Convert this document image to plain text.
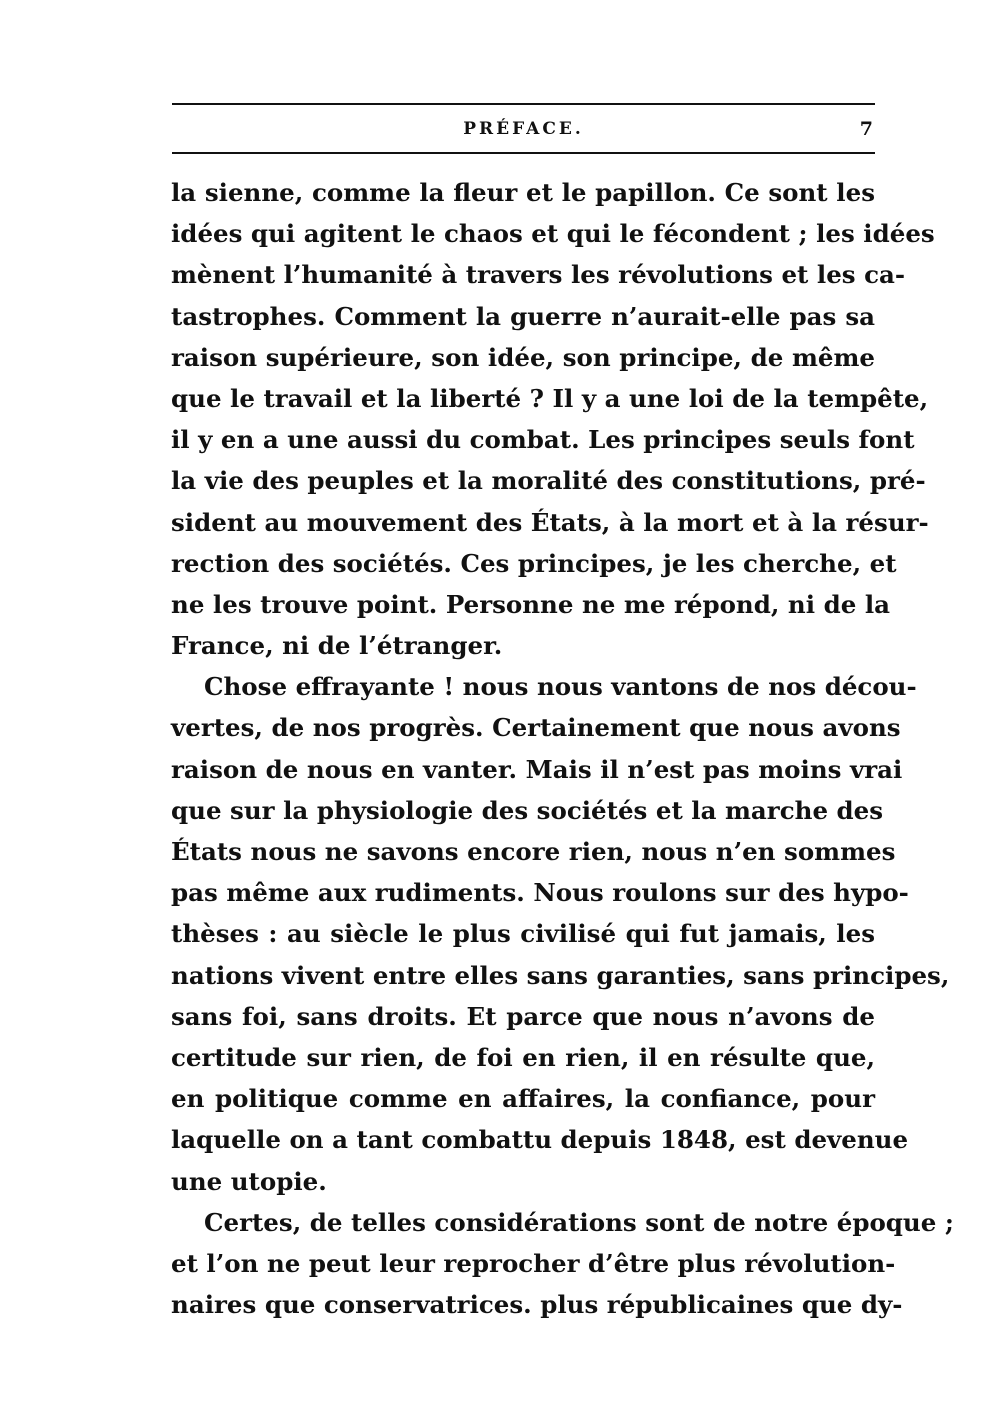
PRÉFACE.	7
la sienne, comme la fleur et le papillon. Ce sont les
idées qui agitent le chaos et qui le fécondent ; les idées
mènent l’humanité à travers les révolutions et les ca-
tastrophes. Comment la guerre n’aurait-elle pas sa
raison supérieure, son idée, son principe, de même
que le travail et la liberté ? Il y a une loi de la tempête,
il y en a une aussi du combat. Les principes seuls font
la vie des peuples et la moralité des constitutions, pré-
sident au mouvement des États, à la mort et à la résur-
rection des sociétés. Ces principes, je les cherche, et
ne les trouve point. Personne ne me répond, ni de la
France, ni de l’étranger.
Chose effrayante ! nous nous vantons de nos décou-
vertes, de nos progrès. Certainement que nous avons
raison de nous en vanter. Mais il n’est pas moins vrai
que sur la physiologie des sociétés et la marche des
États nous ne savons encore rien, nous n’en sommes
pas même aux rudiments. Nous roulons sur des hypo-
thèses : au siècle le plus civilisé qui fut jamais, les
nations vivent entre elles sans garanties, sans principes,
sans foi, sans droits. Et parce que nous n’avons de
certitude sur rien, de foi en rien, il en résulte que,
en politique comme en affaires, la confiance, pour
laquelle on a tant combattu depuis 1848, est devenue
une utopie.
Certes, de telles considérations sont de notre époque ;
et l’on ne peut leur reprocher d’être plus révolution-
naires que conservatrices. plus républicaines que dy-
